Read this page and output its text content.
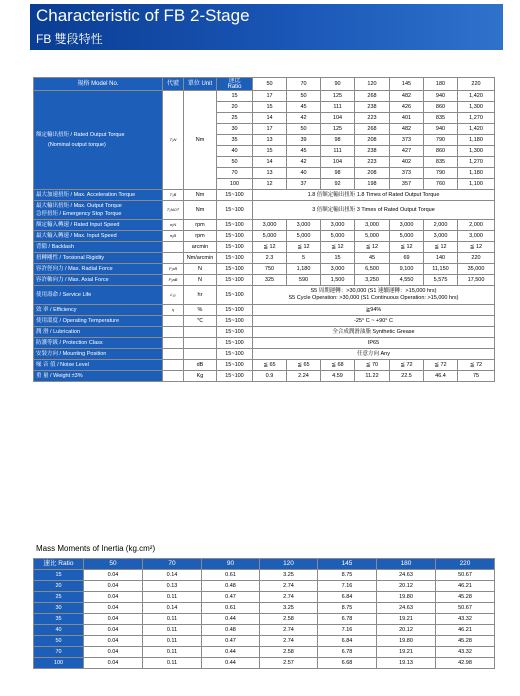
Characteristic of FB 2-Stage
FB 雙段特性
規格 Model No.	代號	單位 Unit	速比
Ratio	50	70	90	120	145	180	220

額定輸出扭矩 / Rated Output Torque
(Nominal output torque)	T₂N	Nm	15	17	50	125	268	482	940	1,420
			20	15	45	111	238	426	860	1,300
			25	14	42	104	223	401	835	1,270
			30	17	50	125	268	482	940	1,420
			35	13	39	98	208	373	790	1,180
			40	15	45	111	238	427	860	1,300
			50	14	42	104	223	402	835	1,270
			70	13	40	98	208	373	790	1,180
			100	12	37	92	198	357	760	1,100
最大加速扭矩 / Max. Acceleration Torque	T₂B	Nm	15~100	1.8 倍額定輸出扭矩 1.8 Times of Rated Output Torque						

最大輸出扭矩 / Max. Output Torque
急停扭矩 / Emergency Stop Torque	T₂NOT	Nm	15~100	3 倍額定輸出扭矩 3 Times of Rated Output Torque						
額定輸入轉速 / Rated Input Speed	n₁N	rpm	15~100	3,000	3,000	3,000	3,000	3,000	2,000	2,000
最大輸入轉速 / Max. Input Speed	n₁B	rpm	15~100	5,000	5,000	5,000	5,000	5,000	3,000	3,000
背隙 / Backlash		arcmin	15~100	≦ 12	≦ 12	≦ 12	≦ 12	≦ 12	≦ 12	≦ 12
扭轉剛性 / Torsional Rigidity		Nm/arcmin	15~100	2.3	5	15	45	69	140	220
容許徑向力 / Max. Radial Force	F₂rB	N	15~100	750	1,180	3,000	6,500	9,100	11,150	35,000
容許軸向力 / Max. Axial Force	F₂aB	N	15~100	325	590	1,500	3,250	4,550	5,575	17,500
使用壽命 / Service Life	L₁₀	hr	15~100	S5 周期運轉：>30,000 (S1 連續運轉：>15,000 hrs)
S5 Cycle Operation: >30,000 (S1 Continuous Operation: >15,000 hrs)						

效 率 / Efficiency	η	%	15~100	≧94%						
使用溫度 / Operating Temperature		℃	15~100	-25° C ~ +90° C						
潤 滑 / Lubrication			15~100	全合成潤滑油脂 Synthetic Grease						
防護等級 / Protection Class			15~100	IP65						
安裝方向 / Mounting Position			15~100	任意方向 Any						
噪 音 值 / Noise Level		dB	15~100	≦ 65	≦ 65	≦ 68	≦ 70	≦ 72	≦ 72	≦ 72
重 量 / Weight ±3%		Kg	15~100	0.9	2.24	4.59	11.22	22.5	46.4	75
Mass Moments of Inertia (kg.cm²)
速比 Ratio	50	70	90	120	145	180	220
15	0.04	0.14	0.61	3.25	8.75	24.63	50.67
20	0.04	0.13	0.48	2.74	7.16	20.12	46.21
25	0.04	0.11	0.47	2.74	6.84	19.80	45.28
30	0.04	0.14	0.61	3.25	8.75	24.63	50.67
35	0.04	0.11	0.44	2.58	6.78	19.21	43.32
40	0.04	0.11	0.48	2.74	7.16	20.12	46.21
50	0.04	0.11	0.47	2.74	6.84	19.80	45.28
70	0.04	0.11	0.44	2.58	6.78	19.21	43.32
100	0.04	0.11	0.44	2.57	6.68	19.13	42.98
